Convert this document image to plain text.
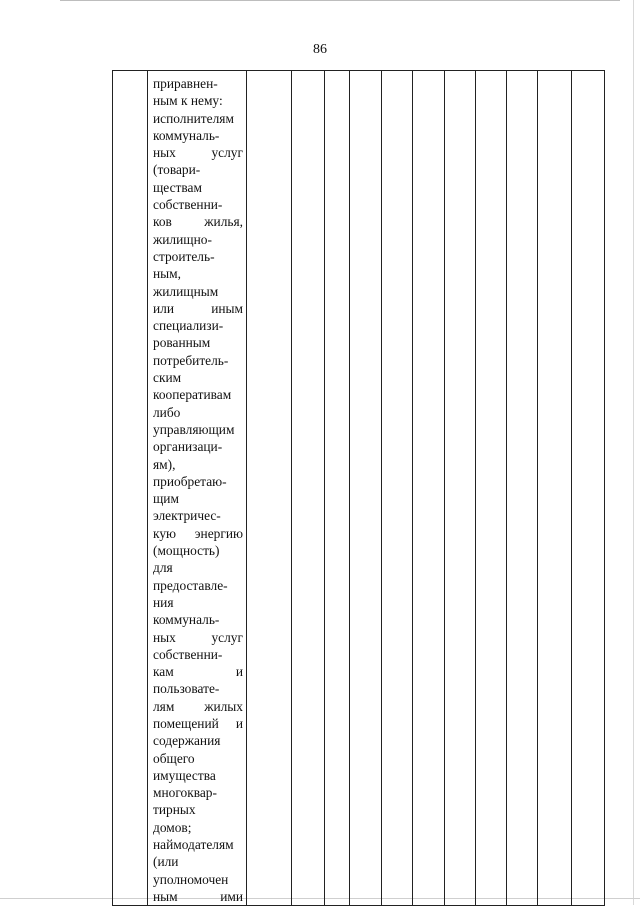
86

приравнен-
ным к нему:
исполнителям
коммуналь-
ных	услуг
(товари-
ществам
собственни-
ков жилья,
жилищно-
строитель-
ным,
жилищным
или	иным
специализи-
рованным
потребитель-
ским
кооперативам
либо
управляющим
организаци-
ям),
приобретаю-
щим
электричес-
кую энергию
(мощность)
для
предоставле-
ния
коммуналь-
ных	услуг
собственни-
кам	и
пользовате-
лям жилых
помещений и
содержания
общего
имущества
многоквар-
тирных
домов;
наймодателям
(или
уполномочен
ным	ими
